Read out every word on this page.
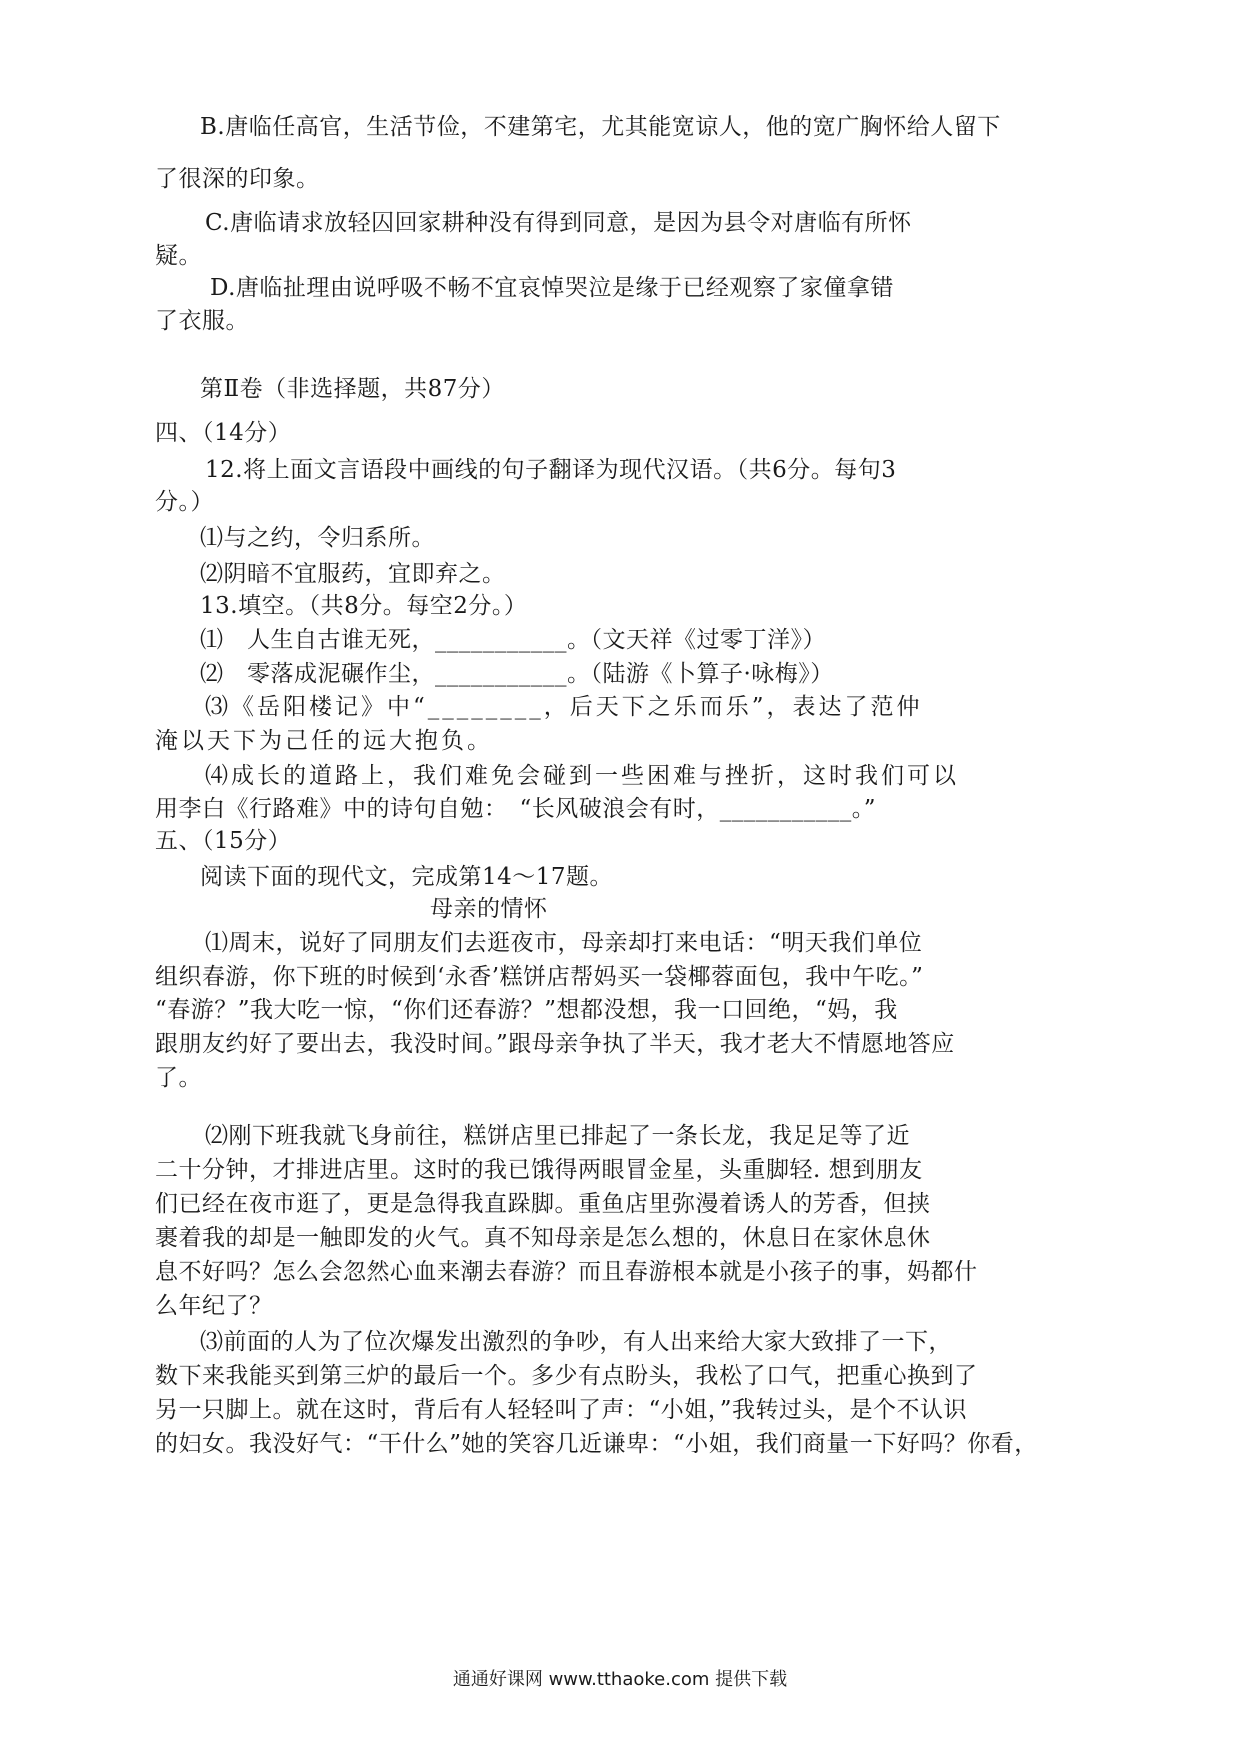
B.唐临任高官，生活节俭，不建第宅，尤其能宽谅人，他的宽广胸怀给人留下
了很深的印象。
C.唐临请求放轻囚回家耕种没有得到同意，是因为县令对唐临有所怀
疑。
D.唐临扯理由说呼吸不畅不宜哀悼哭泣是缘于已经观察了家僮拿错
了衣服。
第Ⅱ卷（非选择题，共87分）
四、（14分）
12.将上面文言语段中画线的句子翻译为现代汉语。（共6分。每句3
分。）
⑴与之约，令归系所。
⑵阴暗不宜服药，宜即弃之。
13.填空。（共8分。每空2分。）
⑴　人生自古谁无死，___________。（文天祥《过零丁洋》）
⑵　零落成泥碾作尘，___________。（陆游《卜算子·咏梅》）
⑶《岳阳楼记》中“________，后天下之乐而乐”，表达了范仲
淹以天下为己任的远大抱负。
⑷成长的道路上，我们难免会碰到一些困难与挫折，这时我们可以
用李白《行路难》中的诗句自勉：　“长风破浪会有时，___________。”
五、（15分）
阅读下面的现代文，完成第14～17题。
母亲的情怀
⑴周末，说好了同朋友们去逛夜市，母亲却打来电话：“明天我们单位
组织春游，你下班的时候到‘永香’糕饼店帮妈买一袋椰蓉面包，我中午吃。”
“春游？”我大吃一惊，“你们还春游？”想都没想，我一口回绝，“妈，我
跟朋友约好了要出去，我没时间。”跟母亲争执了半天，我才老大不情愿地答应
了。
⑵刚下班我就飞身前往，糕饼店里已排起了一条长龙，我足足等了近
二十分钟，才排进店里。这时的我已饿得两眼冒金星，头重脚轻. 想到朋友
们已经在夜市逛了，更是急得我直跺脚。重鱼店里弥漫着诱人的芳香，但挟
裹着我的却是一触即发的火气。真不知母亲是怎么想的，休息日在家休息休
息不好吗？怎么会忽然心血来潮去春游？而且春游根本就是小孩子的事，妈都什
么年纪了？
⑶前面的人为了位次爆发出激烈的争吵，有人出来给大家大致排了一下，
数下来我能买到第三炉的最后一个。多少有点盼头，我松了口气，把重心换到了
另一只脚上。就在这时，背后有人轻轻叫了声：“小姐，”我转过头，是个不认识
的妇女。我没好气：“干什么”她的笑容几近谦卑：“小姐，我们商量一下好吗？你看，
通通好课网 www.tthaoke.com 提供下载
